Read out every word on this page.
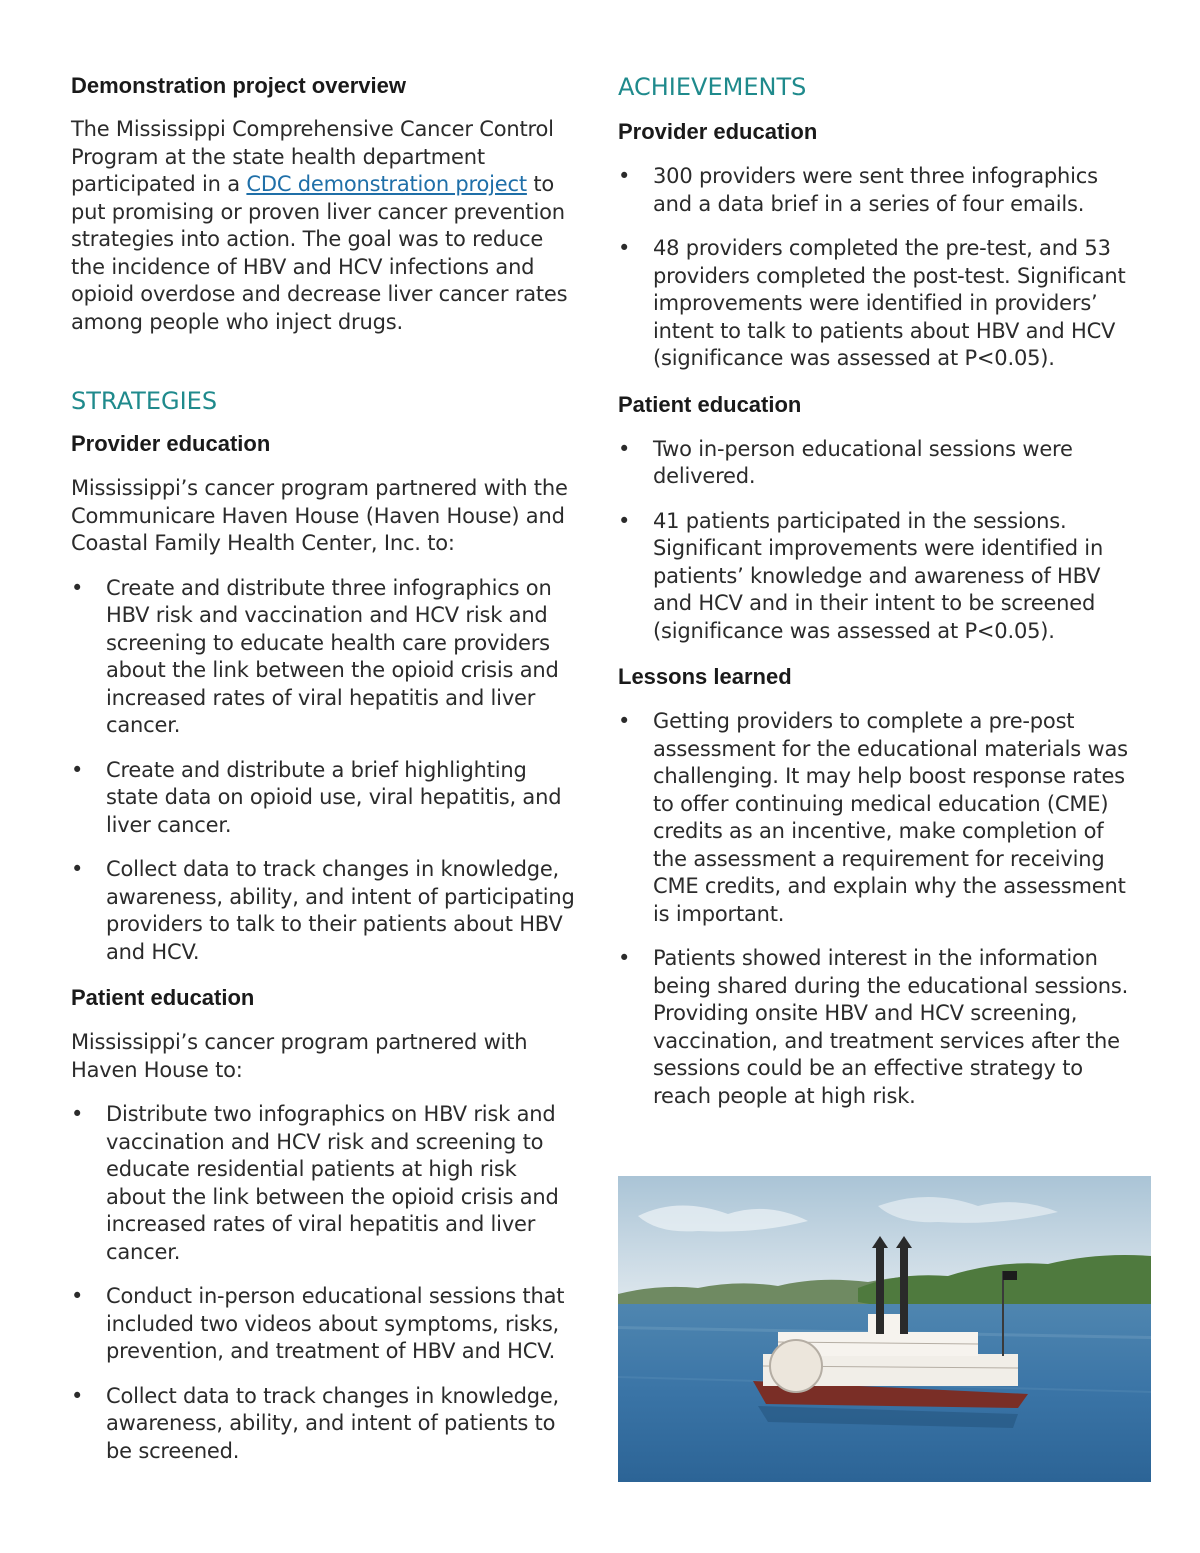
Demonstration project overview

The Mississippi Comprehensive Cancer Control Program at the state health department participated in a CDC demonstration project to put promising or proven liver cancer prevention strategies into action. The goal was to reduce the incidence of HBV and HCV infections and opioid overdose and decrease liver cancer rates among people who inject drugs.

STRATEGIES
Provider education

Mississippi’s cancer program partnered with the Communicare Haven House (Haven House) and Coastal Family Health Center, Inc. to:

• Create and distribute three infographics on HBV risk and vaccination and HCV risk and screening to educate health care providers about the link between the opioid crisis and increased rates of viral hepatitis and liver cancer.
• Create and distribute a brief highlighting state data on opioid use, viral hepatitis, and liver cancer.
• Collect data to track changes in knowledge, awareness, ability, and intent of participating providers to talk to their patients about HBV and HCV.
Patient education

Mississippi’s cancer program partnered with Haven House to:

• Distribute two infographics on HBV risk and vaccination and HCV risk and screening to educate residential patients at high risk about the link between the opioid crisis and increased rates of viral hepatitis and liver cancer.
• Conduct in-person educational sessions that included two videos about symptoms, risks, prevention, and treatment of HBV and HCV.
• Collect data to track changes in knowledge, awareness, ability, and intent of patients to be screened.
ACHIEVEMENTS
Provider education
• 300 providers were sent three infographics and a data brief in a series of four emails.
• 48 providers completed the pre-test, and 53 providers completed the post-test. Significant improvements were identified in providers’ intent to talk to patients about HBV and HCV (significance was assessed at P<0.05).
Patient education
• Two in-person educational sessions were delivered.
• 41 patients participated in the sessions. Significant improvements were identified in patients’ knowledge and awareness of HBV and HCV and in their intent to be screened (significance was assessed at P<0.05).
Lessons learned
• Getting providers to complete a pre-post assessment for the educational materials was challenging. It may help boost response rates to offer continuing medical education (CME) credits as an incentive, make completion of the assessment a requirement for receiving CME credits, and explain why the assessment is important.
• Patients showed interest in the information being shared during the educational sessions. Providing onsite HBV and HCV screening, vaccination, and treatment services after the sessions could be an effective strategy to reach people at high risk.
